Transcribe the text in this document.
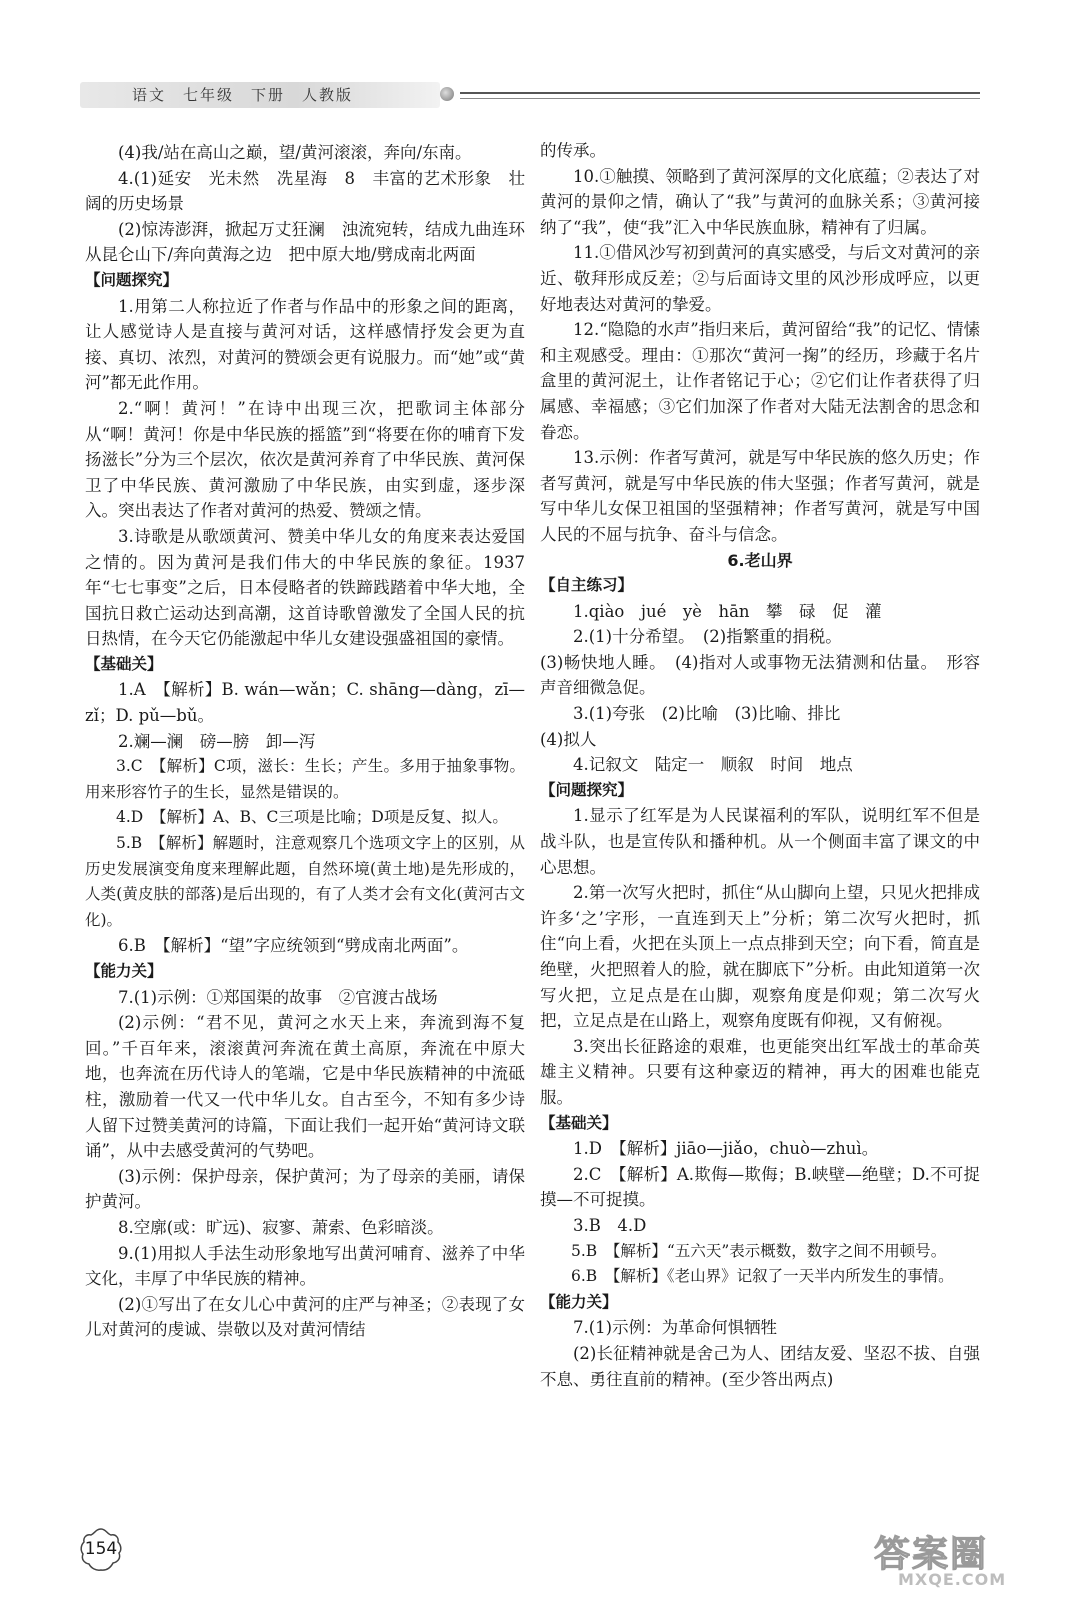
语文　七年级　下册　人教版

(4)我/站在高山之巅，望/黄河滚滚，奔向/东南。

4.(1)延安　光未然　冼星海　8　丰富的艺术形象　壮阔的历史场景

(2)惊涛澎湃，掀起万丈狂澜　浊流宛转，结成九曲连环　从昆仑山下/奔向黄海之边　把中原大地/劈成南北两面

【问题探究】

1.用第二人称拉近了作者与作品中的形象之间的距离，让人感觉诗人是直接与黄河对话，这样感情抒发会更为直接、真切、浓烈，对黄河的赞颂会更有说服力。而“她”或“黄河”都无此作用。

2.“啊！黄河！”在诗中出现三次，把歌词主体部分从“啊！黄河！你是中华民族的摇篮”到“将要在你的哺育下发扬滋长”分为三个层次，依次是黄河养育了中华民族、黄河保卫了中华民族、黄河激励了中华民族，由实到虚，逐步深入。突出表达了作者对黄河的热爱、赞颂之情。

3.诗歌是从歌颂黄河、赞美中华儿女的角度来表达爱国之情的。因为黄河是我们伟大的中华民族的象征。1937年“七七事变”之后，日本侵略者的铁蹄践踏着中华大地，全国抗日救亡运动达到高潮，这首诗歌曾激发了全国人民的抗日热情，在今天它仍能激起中华儿女建设强盛祖国的豪情。

【基础关】

1.A　【解析】B. wán—wǎn；C. shāng—dàng，zī—zǐ；D. pǔ—bǔ。

2.斓—澜　磅—膀　卸—泻

3.C　【解析】C项，滋长：生长；产生。多用于抽象事物。用来形容竹子的生长，显然是错误的。

4.D　【解析】A、B、C三项是比喻；D项是反复、拟人。

5.B　【解析】解题时，注意观察几个选项文字上的区别，从历史发展演变角度来理解此题，自然环境(黄土地)是先形成的，人类(黄皮肤的部落)是后出现的，有了人类才会有文化(黄河古文化)。

6.B　【解析】“望”字应统领到“劈成南北两面”。

【能力关】

7.(1)示例：①郑国渠的故事　②官渡古战场

(2)示例：“君不见，黄河之水天上来，奔流到海不复回。”千百年来，滚滚黄河奔流在黄土高原，奔流在中原大地，也奔流在历代诗人的笔端，它是中华民族精神的中流砥柱，激励着一代又一代中华儿女。自古至今，不知有多少诗人留下过赞美黄河的诗篇，下面让我们一起开始“黄河诗文联诵”，从中去感受黄河的气势吧。

(3)示例：保护母亲，保护黄河；为了母亲的美丽，请保护黄河。

8.空廓(或：旷远)、寂寥、萧索、色彩暗淡。

9.(1)用拟人手法生动形象地写出黄河哺育、滋养了中华文化，丰厚了中华民族的精神。

(2)①写出了在女儿心中黄河的庄严与神圣；②表现了女儿对黄河的虔诚、崇敬以及对黄河情结

的传承。

10.①触摸、领略到了黄河深厚的文化底蕴；②表达了对黄河的景仰之情，确认了“我”与黄河的血脉关系；③黄河接纳了“我”，使“我”汇入中华民族血脉，精神有了归属。

11.①借风沙写初到黄河的真实感受，与后文对黄河的亲近、敬拜形成反差；②与后面诗文里的风沙形成呼应，以更好地表达对黄河的挚爱。

12.“隐隐的水声”指归来后，黄河留给“我”的记忆、情愫和主观感受。理由：①那次“黄河一掬”的经历，珍藏于名片盒里的黄河泥土，让作者铭记于心；②它们让作者获得了归属感、幸福感；③它们加深了作者对大陆无法割舍的思念和眷恋。

13.示例：作者写黄河，就是写中华民族的悠久历史；作者写黄河，就是写中华民族的伟大坚强；作者写黄河，就是写中华儿女保卫祖国的坚强精神；作者写黄河，就是写中国人民的不屈与抗争、奋斗与信念。

6.老山界

【自主练习】

1.qiào　jué　yè　hān　攀　碌　促　灌

2.(1)十分希望。　(2)指繁重的捐税。

(3)畅快地人睡。　(4)指对人或事物无法猜测和估量。　形容声音细微急促。

3.(1)夸张　(2)比喻　(3)比喻、排比

(4)拟人

4.记叙文　陆定一　顺叙　时间　地点

【问题探究】

1.显示了红军是为人民谋福利的军队，说明红军不但是战斗队，也是宣传队和播种机。从一个侧面丰富了课文的中心思想。

2.第一次写火把时，抓住“从山脚向上望，只见火把排成许多‘之’字形，一直连到天上”分析；第二次写火把时，抓住“向上看，火把在头顶上一点点排到天空；向下看，简直是绝壁，火把照着人的脸，就在脚底下”分析。由此知道第一次写火把，立足点是在山脚，观察角度是仰观；第二次写火把，立足点是在山路上，观察角度既有仰视，又有俯视。

3.突出长征路途的艰难，也更能突出红军战士的革命英雄主义精神。只要有这种豪迈的精神，再大的困难也能克服。

【基础关】

1.D　【解析】jiāo—jiǎo，chuò—zhuì。

2.C　【解析】A.欺侮—欺侮；B.峡壁—绝壁；D.不可捉摸—不可捉摸。

3.B　4.D

5.B　【解析】“五六天”表示概数，数字之间不用顿号。

6.B　【解析】《老山界》记叙了一天半内所发生的事情。

【能力关】

7.(1)示例：为革命何惧牺牲

(2)长征精神就是舍己为人、团结友爱、坚忍不拔、自强不息、勇往直前的精神。(至少答出两点)

154	答案圈
MXQE.COM
